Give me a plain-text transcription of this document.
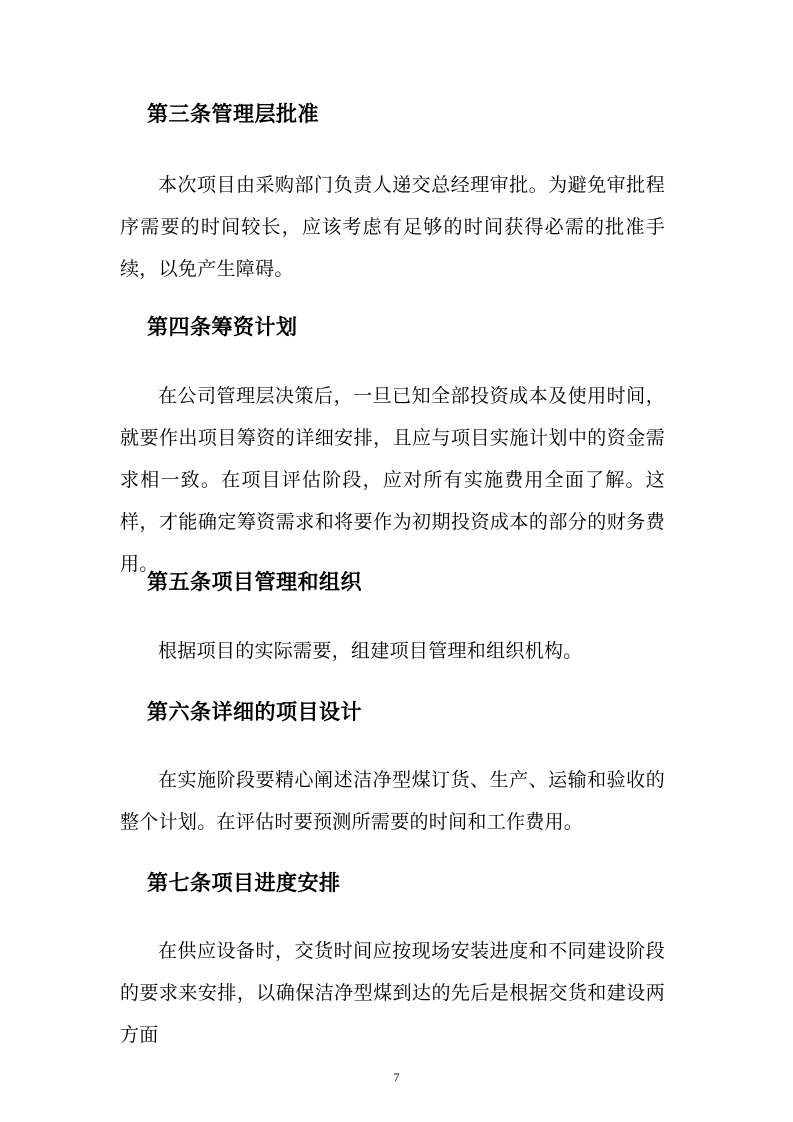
第三条管理层批准
本次项目由采购部门负责人递交总经理审批。为避免审批程序需要的时间较长，应该考虑有足够的时间获得必需的批准手续，以免产生障碍。
第四条筹资计划
在公司管理层决策后，一旦已知全部投资成本及使用时间，就要作出项目筹资的详细安排，且应与项目实施计划中的资金需求相一致。在项目评估阶段，应对所有实施费用全面了解。这样，才能确定筹资需求和将要作为初期投资成本的部分的财务费用。
第五条项目管理和组织
根据项目的实际需要，组建项目管理和组织机构。
第六条详细的项目设计
在实施阶段要精心阐述洁净型煤订货、生产、运输和验收的整个计划。在评估时要预测所需要的时间和工作费用。
第七条项目进度安排
在供应设备时，交货时间应按现场安装进度和不同建设阶段的要求来安排，以确保洁净型煤到达的先后是根据交货和建设两方面
7
